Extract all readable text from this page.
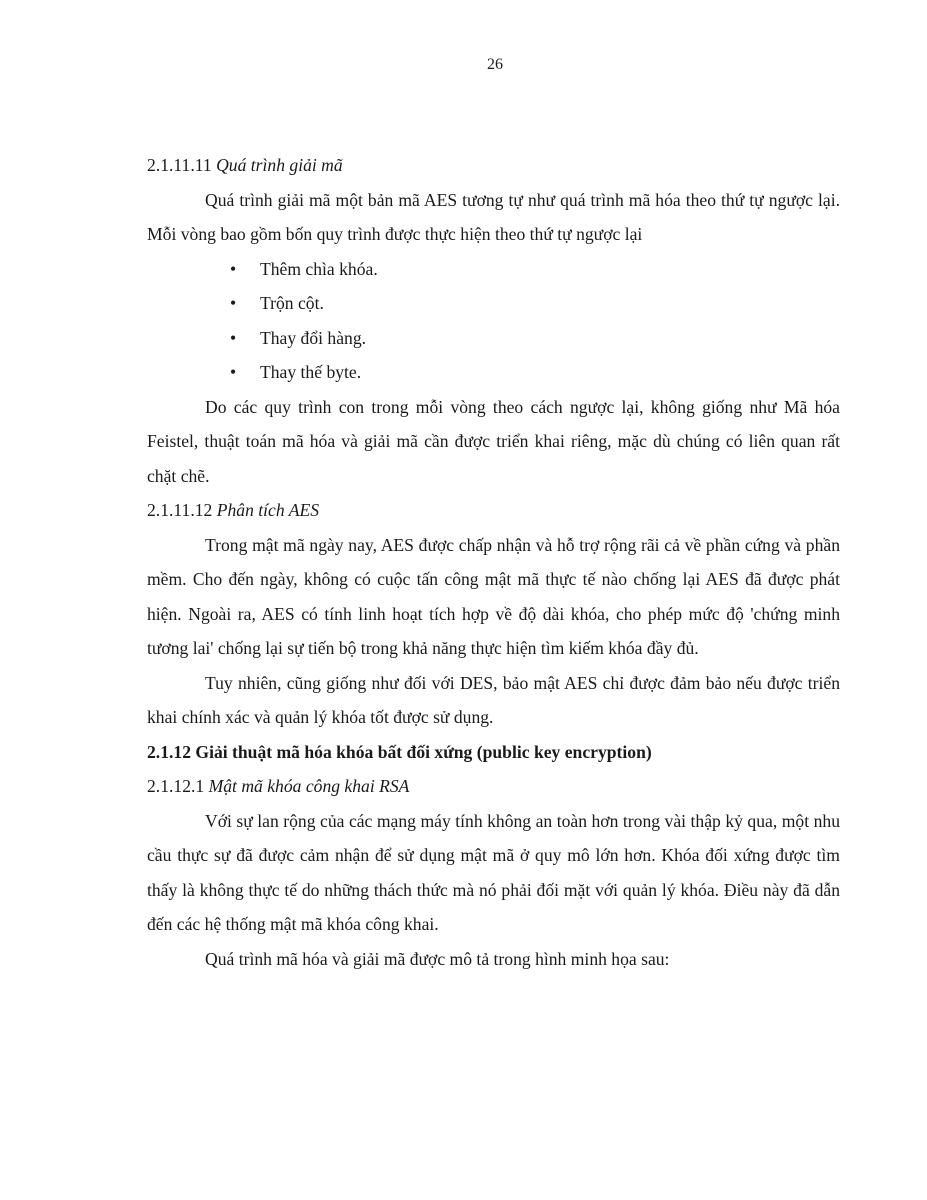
26
2.1.11.11 Quá trình giải mã

Quá trình giải mã một bản mã AES tương tự như quá trình mã hóa theo thứ tự ngược lại. Mỗi vòng bao gồm bốn quy trình được thực hiện theo thứ tự ngược lại

• Thêm chìa khóa.
• Trộn cột.
• Thay đổi hàng.
• Thay thế byte.

Do các quy trình con trong mỗi vòng theo cách ngược lại, không giống như Mã hóa Feistel, thuật toán mã hóa và giải mã cần được triển khai riêng, mặc dù chúng có liên quan rất chặt chẽ.

2.1.11.12 Phân tích AES

Trong mật mã ngày nay, AES được chấp nhận và hỗ trợ rộng rãi cả về phần cứng và phần mềm. Cho đến ngày, không có cuộc tấn công mật mã thực tế nào chống lại AES đã được phát hiện. Ngoài ra, AES có tính linh hoạt tích hợp về độ dài khóa, cho phép mức độ 'chứng minh tương lai' chống lại sự tiến bộ trong khả năng thực hiện tìm kiếm khóa đầy đủ.

Tuy nhiên, cũng giống như đối với DES, bảo mật AES chỉ được đảm bảo nếu được triển khai chính xác và quản lý khóa tốt được sử dụng.

2.1.12 Giải thuật mã hóa khóa bất đối xứng (public key encryption)
2.1.12.1 Mật mã khóa công khai RSA

Với sự lan rộng của các mạng máy tính không an toàn hơn trong vài thập kỷ qua, một nhu cầu thực sự đã được cảm nhận để sử dụng mật mã ở quy mô lớn hơn. Khóa đối xứng được tìm thấy là không thực tế do những thách thức mà nó phải đối mặt với quản lý khóa. Điều này đã dẫn đến các hệ thống mật mã khóa công khai.

Quá trình mã hóa và giải mã được mô tả trong hình minh họa sau:
